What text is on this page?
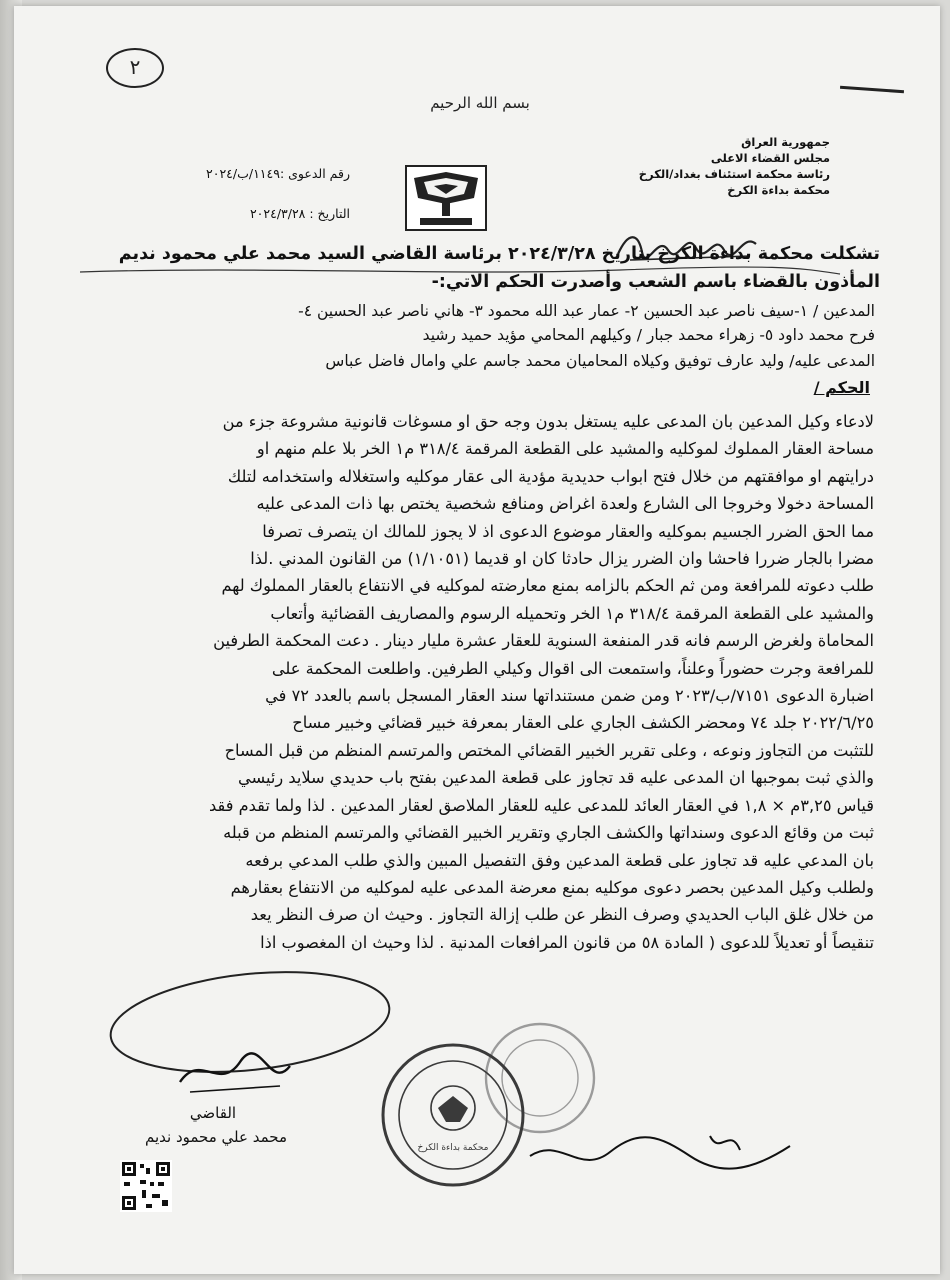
٢
بسم الله الرحيم
جمهورية العراق
مجلس القضاء الاعلى
رئاسة محكمة استئناف بغداد/الكرخ
محكمة بداءة الكرخ
رقم الدعوى :١١٤٩/ب/٢٠٢٤
التاريخ : ٢٠٢٤/٣/٢٨
تشكلت محكمة بداءة الكرخ بتاريخ ٢٠٢٤/٣/٢٨ برئاسة القاضي السيد محمد علي محمود نديم
المأذون بالقضاء باسم الشعب وأصدرت الحكم الاتي:-
المدعين / ١-سيف ناصر عبد الحسين ٢- عمار عبد الله محمود ٣- هاني ناصر عبد الحسين ٤-
فرح محمد داود ٥- زهراء محمد جبار / وكيلهم المحامي مؤيد حميد رشيد
المدعى عليه/ وليد عارف توفيق وكيلاه المحاميان محمد جاسم علي وامال فاضل عباس
الحكم /

لادعاء وكيل المدعين بان المدعى عليه يستغل بدون وجه حق او مسوغات قانونية مشروعة جزء من

مساحة العقار المملوك لموكليه والمشيد على القطعة المرقمة ٣١٨/٤ م١ الخر بلا علم منهم او

درايتهم او موافقتهم من خلال فتح ابواب حديدية مؤدية الى عقار موكليه واستغلاله واستخدامه لتلك

المساحة دخولا وخروجا الى الشارع ولعدة اغراض ومنافع شخصية يختص بها ذات المدعى عليه

مما الحق الضرر الجسيم بموكليه والعقار موضوع الدعوى اذ لا يجوز للمالك ان يتصرف تصرفا

مضرا بالجار ضررا فاحشا وان الضرر يزال حادثا كان او قديما (١/١٠٥١) من القانون المدني .لذا

طلب دعوته للمرافعة ومن ثم الحكم بالزامه بمنع معارضته لموكليه في الانتفاع بالعقار المملوك لهم

والمشيد على القطعة المرقمة ٣١٨/٤ م١ الخر وتحميله الرسوم والمصاريف القضائية وأتعاب

المحاماة ولغرض الرسم فانه قدر المنفعة السنوية للعقار عشرة مليار دينار . دعت المحكمة الطرفين

للمرافعة وجرت حضوراً وعلناً، واستمعت الى اقوال وكيلي الطرفين. واطلعت المحكمة على

اضبارة الدعوى ٧١٥١/ب/٢٠٢٣ ومن ضمن مستنداتها سند العقار المسجل باسم بالعدد ٧٢ في

٢٠٢٢/٦/٢٥ جلد ٧٤ ومحضر الكشف الجاري على العقار بمعرفة خبير قضائي وخبير مساح

للتثبت من التجاوز ونوعه ، وعلى تقرير الخبير القضائي المختص والمرتسم المنظم من قبل المساح

والذي ثبت بموجبها ان المدعى عليه قد تجاوز على قطعة المدعين بفتح باب حديدي سلايد رئيسي

قياس ٣,٢٥م × ١,٨ في العقار العائد للمدعى عليه للعقار الملاصق لعقار المدعين . لذا ولما تقدم فقد

ثبت من وقائع الدعوى وسنداتها والكشف الجاري وتقرير الخبير القضائي والمرتسم المنظم من قبله

بان المدعي عليه قد تجاوز على قطعة المدعين وفق التفصيل المبين والذي طلب المدعي برفعه

ولطلب وكيل المدعين بحصر دعوى موكليه بمنع معرضة المدعى عليه لموكليه من الانتفاع بعقارهم

من خلال غلق الباب الحديدي وصرف النظر عن طلب إزالة التجاوز . وحيث ان صرف النظر يعد

تنقيصاً أو تعديلاً للدعوى ( المادة ٥٨ من قانون المرافعات المدنية . لذا وحيث ان المغصوب اذا

القاضي
محمد علي محمود نديم
محكمة بداءة الكرخ
